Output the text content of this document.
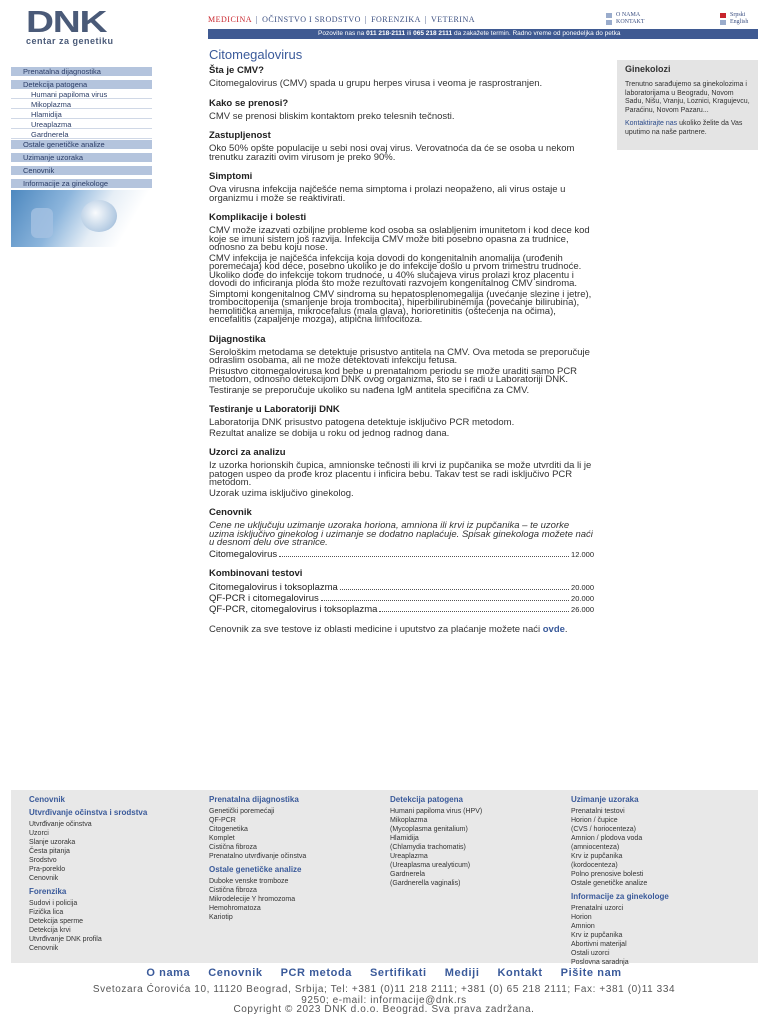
DNK
centar za genetiku
MEDICINA | OČINSTVO I SRODSTVO | FORENZIKA | VETERINA	O NAMA
KONTAKT
Srpski
English
Pozovite nas na 011 218-2111 ili 065 218 2111 da zakažete termin. Radno vreme od ponedeljka do petka
Prenatalna dijagnostika
Detekcija patogena
Humani papiloma virus
Mikoplazma
Hlamidija
Ureaplazma
Gardnerela
Ostale genetičke analize
Uzimanje uzoraka
Cenovnik
Informacije za ginekologe
Citomegalovirus
Šta je CMV?

Citomegalovirus (CMV) spada u grupu herpes virusa i veoma je rasprostranjen.

Kako se prenosi?

CMV se prenosi bliskim kontaktom preko telesnih tečnosti.

Zastupljenost

Oko 50% opšte populacije u sebi nosi ovaj virus. Verovatnoća da će se osoba u nekom trenutku zaraziti ovim virusom je preko 90%.

Simptomi

Ova virusna infekcija najčešće nema simptoma i prolazi neopaženo, ali virus ostaje u organizmu i može se reaktivirati.

Komplikacije i bolesti

CMV može izazvati ozbiljne probleme kod osoba sa oslabljenim imunitetom i kod dece kod koje se imuni sistem još razvija. Infekcija CMV može biti posebno opasna za trudnice, odnosno za bebu koju nose.

CMV infekcija je najčešća infekcija koja dovodi do kongenitalnih anomalija (urođenih poremećaja) kod dece, posebno ukoliko je do infekcije došlo u prvom trimestru trudnoće. Ukoliko dođe do infekcije tokom trudnoće, u 40% slučajeva virus prolazi kroz placentu i dovodi do inficiranja ploda što može rezultovati razvojem kongenitalnog CMV sindroma.

Simptomi kongenitalnog CMV sindroma su hepatosplenomegalija (uvećanje slezine i jetre), trombocitopenija (smanjenje broja trombocita), hiperbilirubinemija (povećanje bilirubina), hemolitička anemija, mikrocefalus (mala glava), horioretinitis (oštećenja na očima), encefalitis (zapaljenje mozga), atipična limfocitoza.

Dijagnostika

Serološkim metodama se detektuje prisustvo antitela na CMV. Ova metoda se preporučuje odraslim osobama, ali ne može detektovati infekciju fetusa.

Prisustvo citomegalovirusa kod bebe u prenatalnom periodu se može uraditi samo PCR metodom, odnosno detekcijom DNK ovog organizma, što se i radi u Laboratoriji DNK.

Testiranje se preporučuje ukoliko su nađena IgM antitela specifična za CMV.

Testiranje u Laboratoriji DNK

Laboratorija DNK prisustvo patogena detektuje isključivo PCR metodom.

Rezultat analize se dobija u roku od jednog radnog dana.

Uzorci za analizu

Iz uzorka horionskih čupica, amnionske tečnosti ili krvi iz pupčanika se može utvrditi da li je patogen uspeo da prođe kroz placentu i inficira bebu. Takav test se radi isključivo PCR metodom.

Uzorak uzima isključivo ginekolog.

Cenovnik

Cene ne uključuju uzimanje uzoraka horiona, amniona ili krvi iz pupčanika – te uzorke uzima isključivo ginekolog i uzimanje se dodatno naplaćuje. Spisak ginekologa možete naći u desnom delu ove stranice.

Citomegalovirus	12.000
Kombinovani testovi
Citomegalovirus i toksoplazma	20.000
QF-PCR i citomegalovirus	20.000
QF-PCR, citomegalovirus i toksoplazma	26.000

Cenovnik za sve testove iz oblasti medicine i uputstvo za plaćanje možete naći ovde.

Ginekolozi

Trenutno sarađujemo sa ginekolozima i laboratorijama u Beogradu, Novom Sadu, Nišu, Vranju, Loznici, Kragujevcu, Paraćinu, Novom Pazaru...

Kontaktirajte nas ukoliko želite da Vas uputimo na naše partnere.

Cenovnik
Utvrđivanje očinstva i srodstva
Utvrđivanje očinstva
Uzorci
Slanje uzoraka
Česta pitanja
Srodstvo
Pra-poreklo
Cenovnik
Forenzika
Sudovi i policija
Fizička lica
Detekcija sperme
Detekcija krvi
Utvrđivanje DNK profila
Cenovnik
Prenatalna dijagnostika
Genetički poremećaji
QF-PCR
Citogenetika
Komplet
Cistična fibroza
Prenatalno utvrđivanje očinstva
Ostale genetičke analize
Duboke venske tromboze
Cistična fibroza
Mikrodelecije Y hromozoma
Hemohromatoza
Kariotip
Detekcija patogena
Humani papiloma virus (HPV)
Mikoplazma
(Mycoplasma genitalium)
Hlamidija
(Chlamydia trachomatis)
Ureaplazma
(Ureaplasma urealyticum)
Gardnerela
(Gardnerella vaginalis)
Uzimanje uzoraka
Prenatalni testovi
Horion / čupice
(CVS / horiocenteza)
Amnion / plodova voda
(amniocenteza)
Krv iz pupčanika
(kordocenteza)
Polno prenosive bolesti
Ostale genetičke analize
Informacije za ginekologe
Prenatalni uzorci
Horion
Amnion
Krv iz pupčanika
Abortivni materijal
Ostali uzorci
Poslovna saradnja
O nama Cenovnik PCR metoda Sertifikati Mediji Kontakt Pišite nam
Svetozara Ćorovića 10, 11120 Beograd, Srbija; Tel: +381 (0)11 218 2111; +381 (0) 65 218 2111; Fax: +381 (0)11 334
9250; e-mail: informacije@dnk.rs
Copyright © 2023 DNK d.o.o. Beograd. Sva prava zadržana.
